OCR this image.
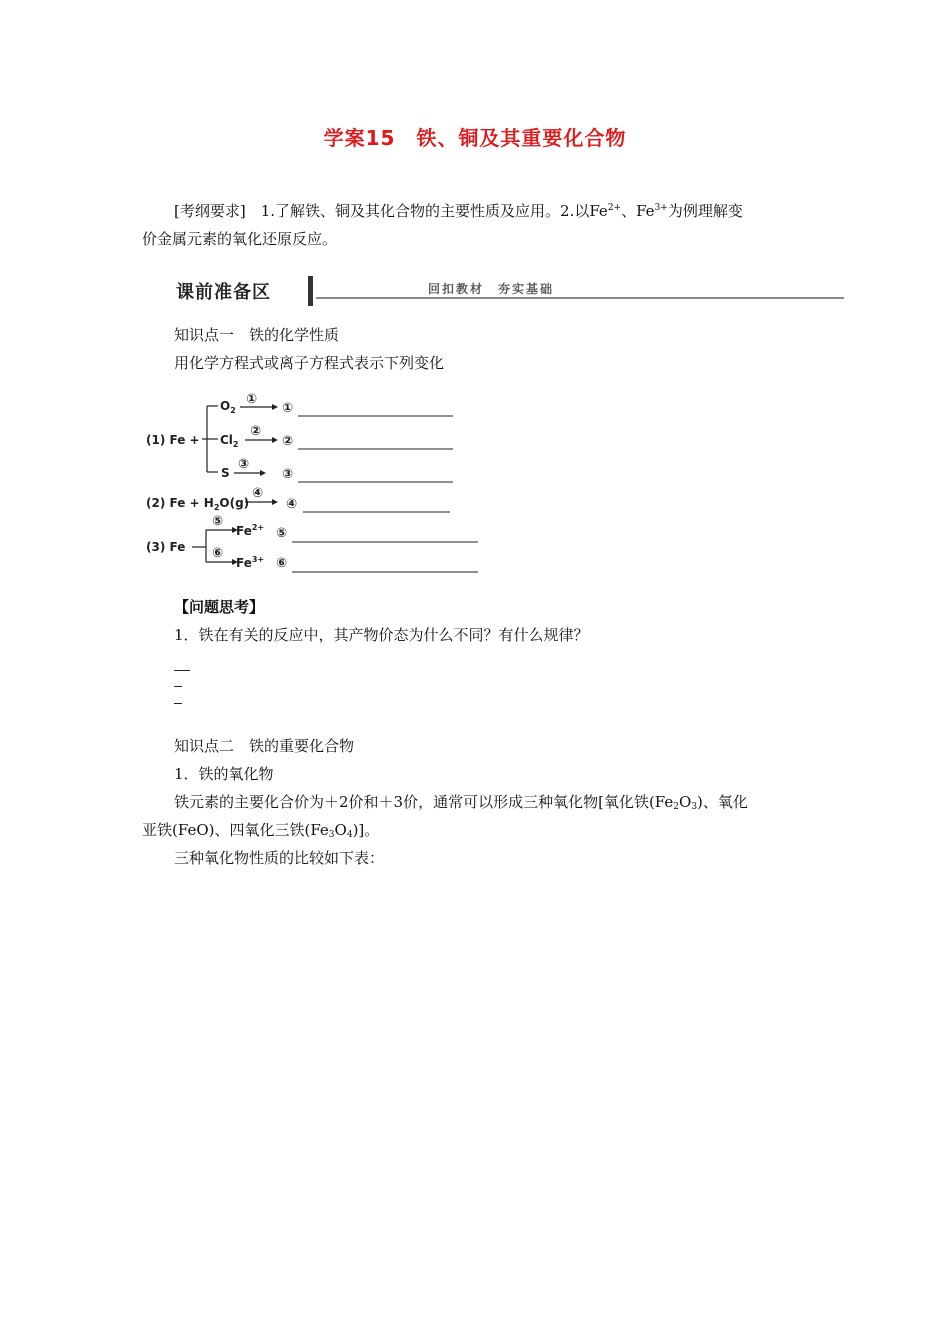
学案15　铁、铜及其重要化合物
[考纲要求]　1.了解铁、铜及其化合物的主要性质及应用。2.以$Fe^{2+}$、$Fe^{3+}$为例理解变
价金属元素的氧化还原反应。
课前准备区	回扣教材　夯实基础
知识点一　铁的化学性质
用化学方程式或离子方程式表示下列变化
(1) Fe +
$O_2$
①
①
$Cl_2$
②
②
S
③
③
(2) $Fe + H_2O(g)$
④
④
(3) Fe
⑤
$Fe^{2+}$ ⑤
⑥
$Fe^{3+}$ ⑥
【问题思考】
1．铁在有关的反应中，其产物价态为什么不同？有什么规律？
知识点二　铁的重要化合物
1．铁的氧化物
铁元素的主要化合价为＋2价和＋3价，通常可以形成三种氧化物[氧化铁$(Fe_2O_3)$、氧化
亚铁(FeO)、四氧化三铁$(Fe_3O_4)$]。
三种氧化物性质的比较如下表：
